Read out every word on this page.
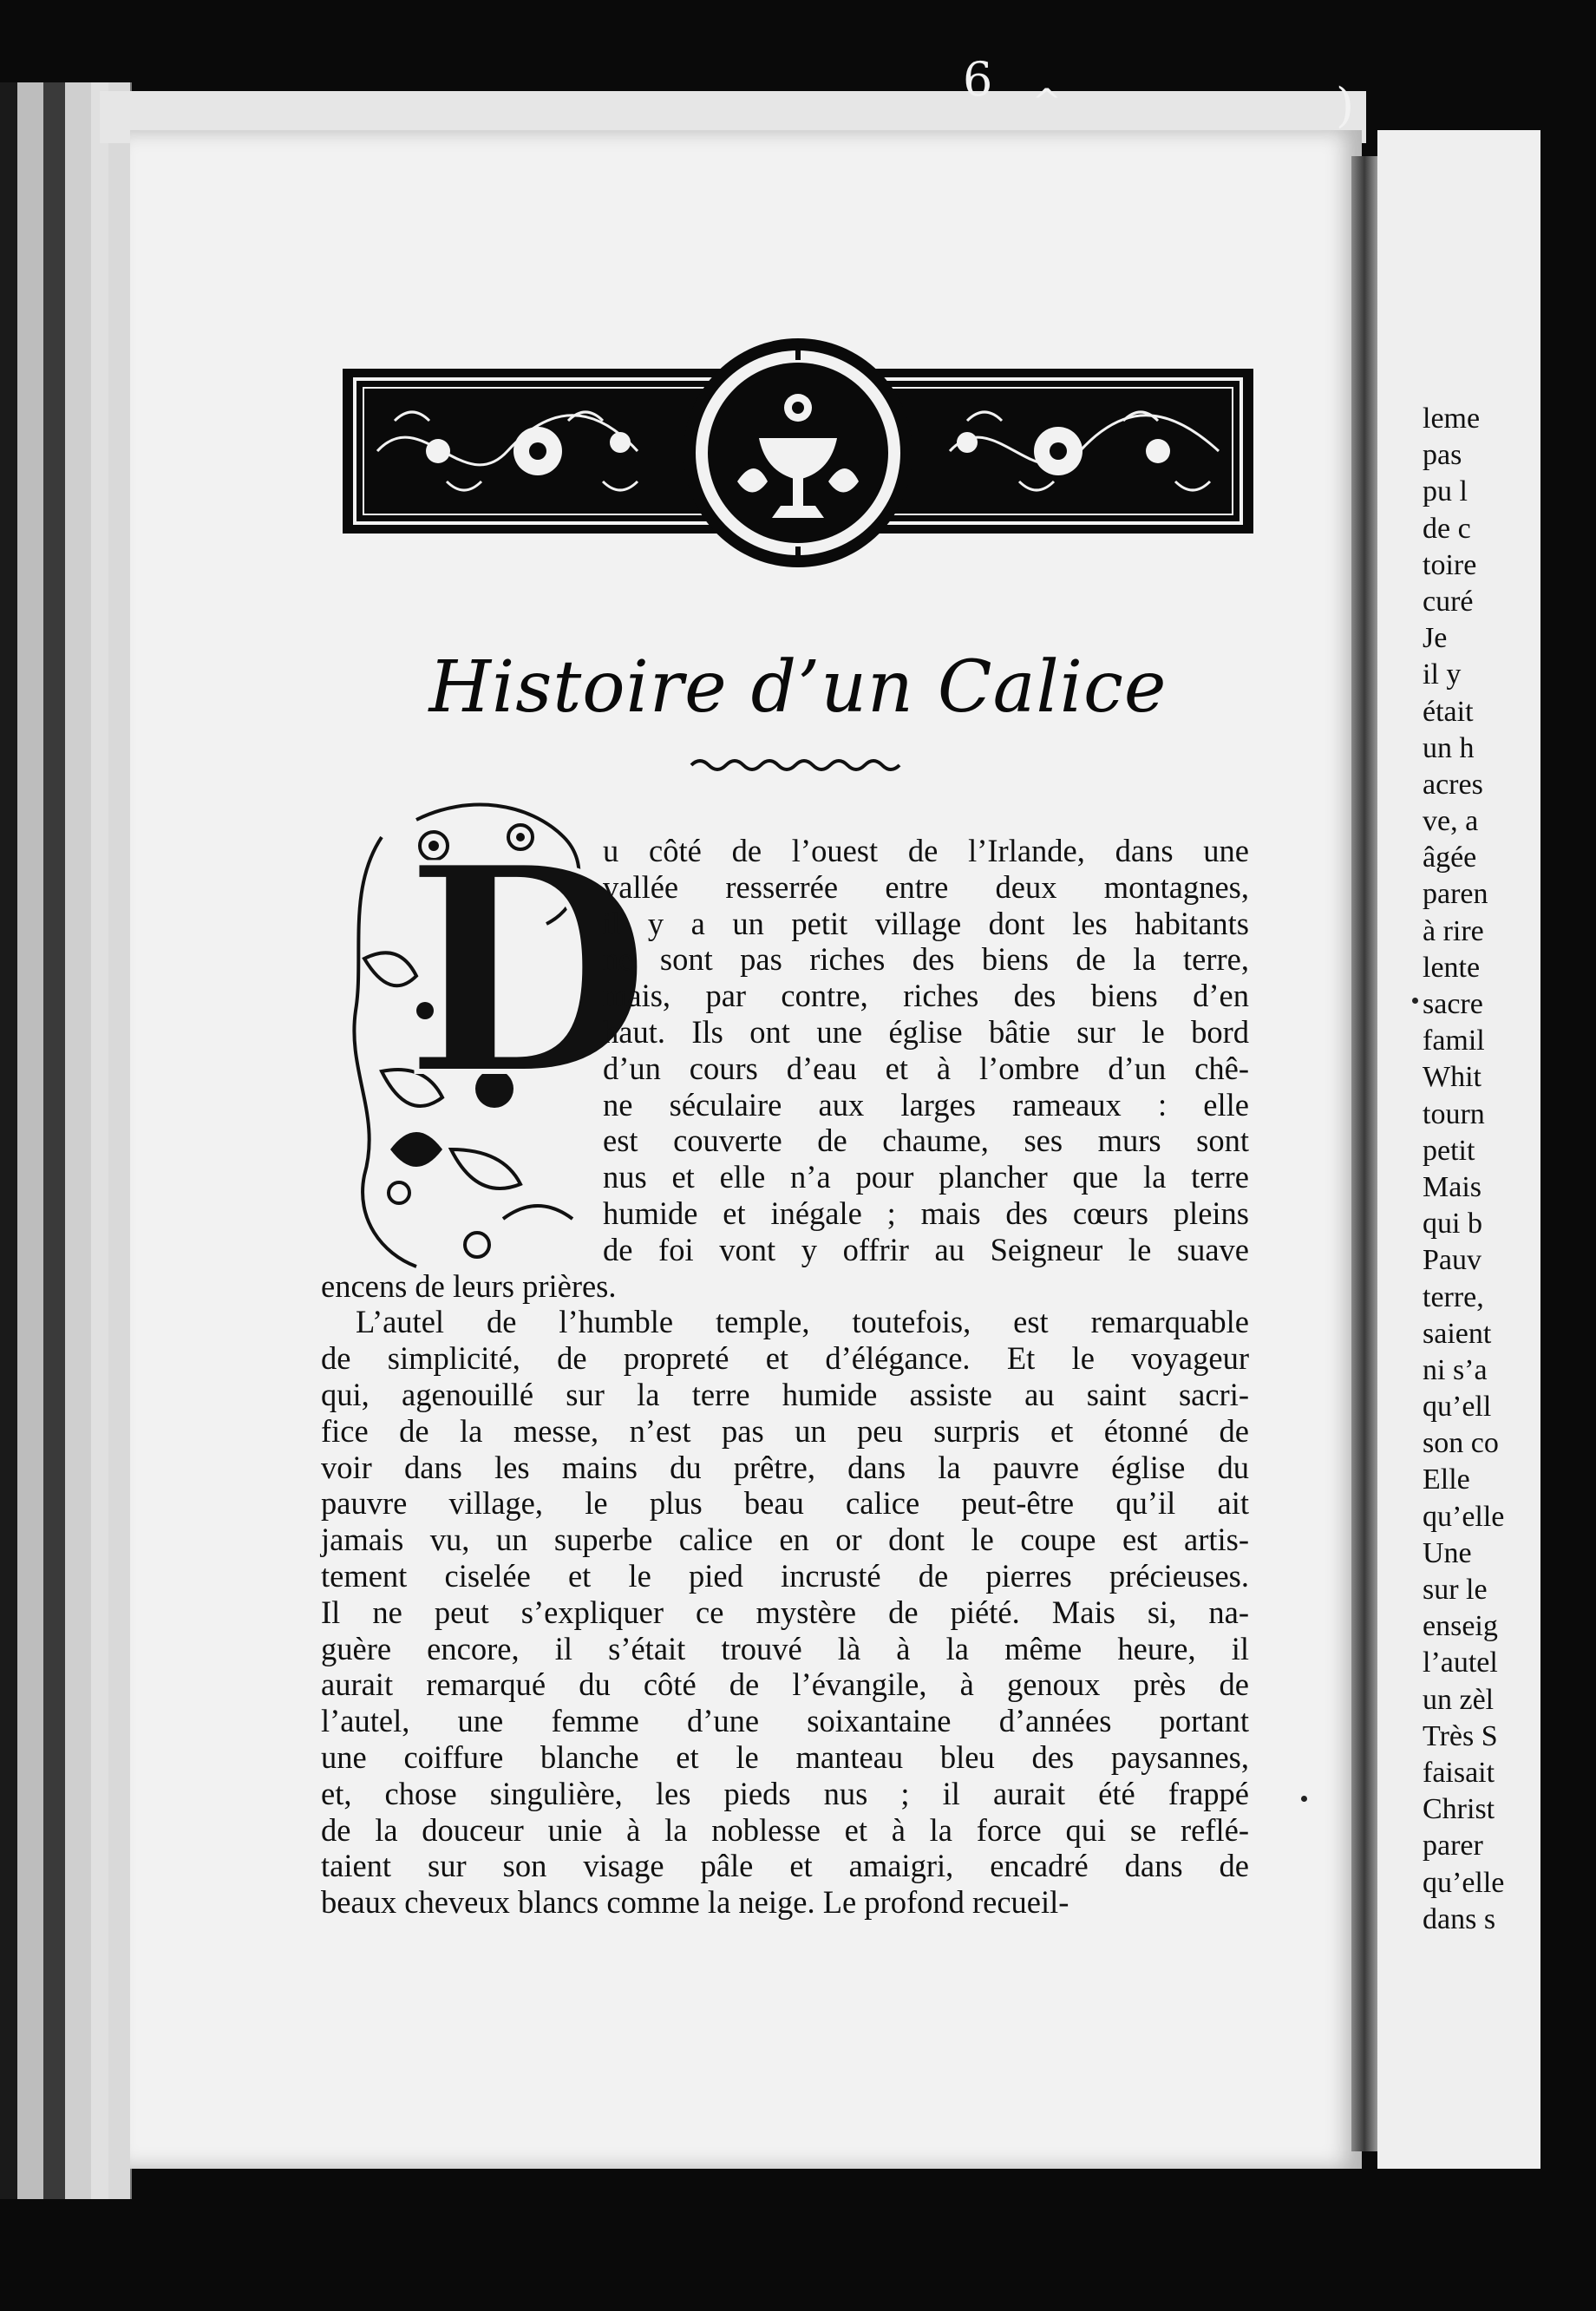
leme
pas
pu l
de c
toire
curé
Je
il y
était
un h
acres
ve, a
âgée
paren
à rire
lente
sacre
famil
Whit
tourn
petit
Mais
qui b
Pauv
terre,
saient
ni s’a
qu’ell
son co
Elle
qu’elle
Une
sur le
enseig
l’autel
un zèl
Très S
faisait
Christ
parer
qu’elle
dans s
6 ^	)
Histoire d’un Calice
D
u côté de l’ouest de l’Irlande, dans une
vallée resserrée entre deux montagnes,
il y a un petit village dont les habitants
ne sont pas riches des biens de la terre,
mais, par contre, riches des biens d’en
haut. Ils ont une église bâtie sur le bord
d’un cours d’eau et à l’ombre d’un chê-
ne séculaire aux larges rameaux : elle
est couverte de chaume, ses murs sont
nus et elle n’a pour plancher que la terre
humide et inégale ; mais des cœurs pleins
de foi vont y offrir au Seigneur le suave
encens de leurs prières.
L’autel de l’humble temple, toutefois, est remarquable
de simplicité, de propreté et d’élégance. Et le voyageur
qui, agenouillé sur la terre humide assiste au saint sacri-
fice de la messe, n’est pas un peu surpris et étonné de
voir dans les mains du prêtre, dans la pauvre église du
pauvre village, le plus beau calice peut-être qu’il ait
jamais vu, un superbe calice en or dont le coupe est artis-
tement ciselée et le pied incrusté de pierres précieuses.
Il ne peut s’expliquer ce mystère de piété. Mais si, na-
guère encore, il s’était trouvé là à la même heure, il
aurait remarqué du côté de l’évangile, à genoux près de
l’autel, une femme d’une soixantaine d’années portant
une coiffure blanche et le manteau bleu des paysannes,
et, chose singulière, les pieds nus ; il aurait été frappé
de la douceur unie à la noblesse et à la force qui se reflé-
taient sur son visage pâle et amaigri, encadré dans de
beaux cheveux blancs comme la neige. Le profond recueil-
